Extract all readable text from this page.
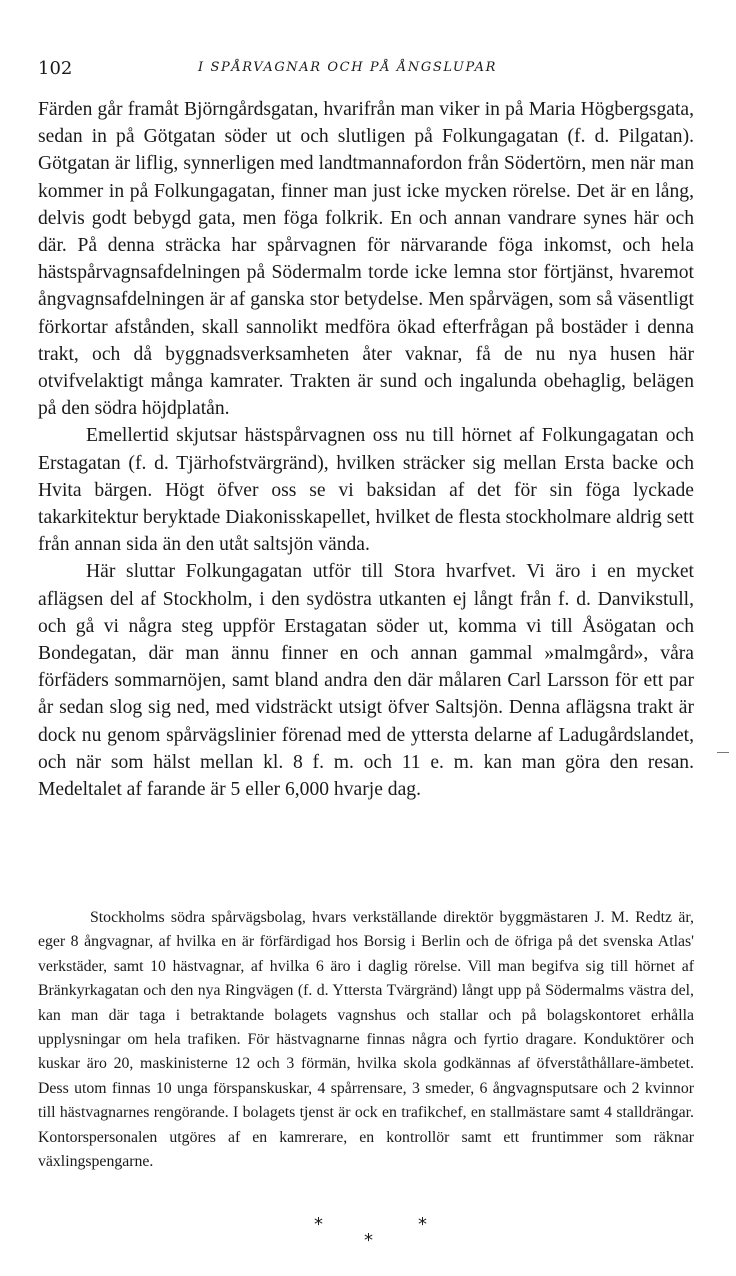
102	I SPÅRVAGNAR OCH PÅ ÅNGSLUPAR

Färden går framåt Björngårdsgatan, hvarifrån man viker in på Maria Högbergsgata, sedan in på Götgatan söder ut och slutligen på Folkungagatan (f. d. Pilgatan). Götgatan är liflig, synnerligen med landtmannafordon från Södertörn, men när man kommer in på Folkungagatan, finner man just icke mycken rörelse. Det är en lång, delvis godt bebygd gata, men föga folkrik. En och annan vandrare synes här och där. På denna sträcka har spårvagnen för närvarande föga inkomst, och hela hästspårvagnsafdelningen på Södermalm torde icke lemna stor förtjänst, hvaremot ångvagnsafdelningen är af ganska stor betydelse. Men spårvägen, som så väsentligt förkortar afstånden, skall sannolikt medföra ökad efterfrågan på bostäder i denna trakt, och då byggnadsverksamheten åter vaknar, få de nu nya husen här otvifvelaktigt många kamrater. Trakten är sund och ingalunda obehaglig, belägen på den södra höjdplatån.

Emellertid skjutsar hästspårvagnen oss nu till hörnet af Folkungagatan och Erstagatan (f. d. Tjärhofstvärgränd), hvilken sträcker sig mellan Ersta backe och Hvita bärgen. Högt öfver oss se vi baksidan af det för sin föga lyckade takarkitektur beryktade Diakonisskapellet, hvilket de flesta stockholmare aldrig sett från annan sida än den utåt saltsjön vända.

Här sluttar Folkungagatan utför till Stora hvarfvet. Vi äro i en mycket aflägsen del af Stockholm, i den sydöstra utkanten ej långt från f. d. Danvikstull, och gå vi några steg uppför Erstagatan söder ut, komma vi till Åsögatan och Bondegatan, där man ännu finner en och annan gammal »malmgård», våra förfäders sommarnöjen, samt bland andra den där målaren Carl Larsson för ett par år sedan slog sig ned, med vidsträckt utsigt öfver Saltsjön. Denna aflägsna trakt är dock nu genom spårvägslinier förenad med de yttersta delarne af Ladugårdslandet, och när som hälst mellan kl. 8 f. m. och 11 e. m. kan man göra den resan. Medeltalet af farande är 5 eller 6,000 hvarje dag.

Stockholms södra spårvägsbolag, hvars verkställande direktör byggmästaren J. M. Redtz är, eger 8 ångvagnar, af hvilka en är förfärdigad hos Borsig i Berlin och de öfriga på det svenska Atlas' verkstäder, samt 10 hästvagnar, af hvilka 6 äro i daglig rörelse. Vill man begifva sig till hörnet af Bränkyrkagatan och den nya Ringvägen (f. d. Yttersta Tvärgränd) långt upp på Södermalms västra del, kan man där taga i betraktande bolagets vagnshus och stallar och på bolagskontoret erhålla upplysningar om hela trafiken. För hästvagnarne finnas några och fyrtio dragare. Konduktörer och kuskar äro 20, maskinisterne 12 och 3 förmän, hvilka skola godkännas af öfverståthållare-ämbetet. Dess utom finnas 10 unga förspanskuskar, 4 spårrensare, 3 smeder, 6 ångvagnsputsare och 2 kvinnor till hästvagnarnes rengörande. I bolagets tjenst är ock en trafikchef, en stallmästare samt 4 stalldrängar. Kontorspersonalen utgöres af en kamrerare, en kontrollör samt ett fruntimmer som räknar växlingspengarne.

*	*
*
